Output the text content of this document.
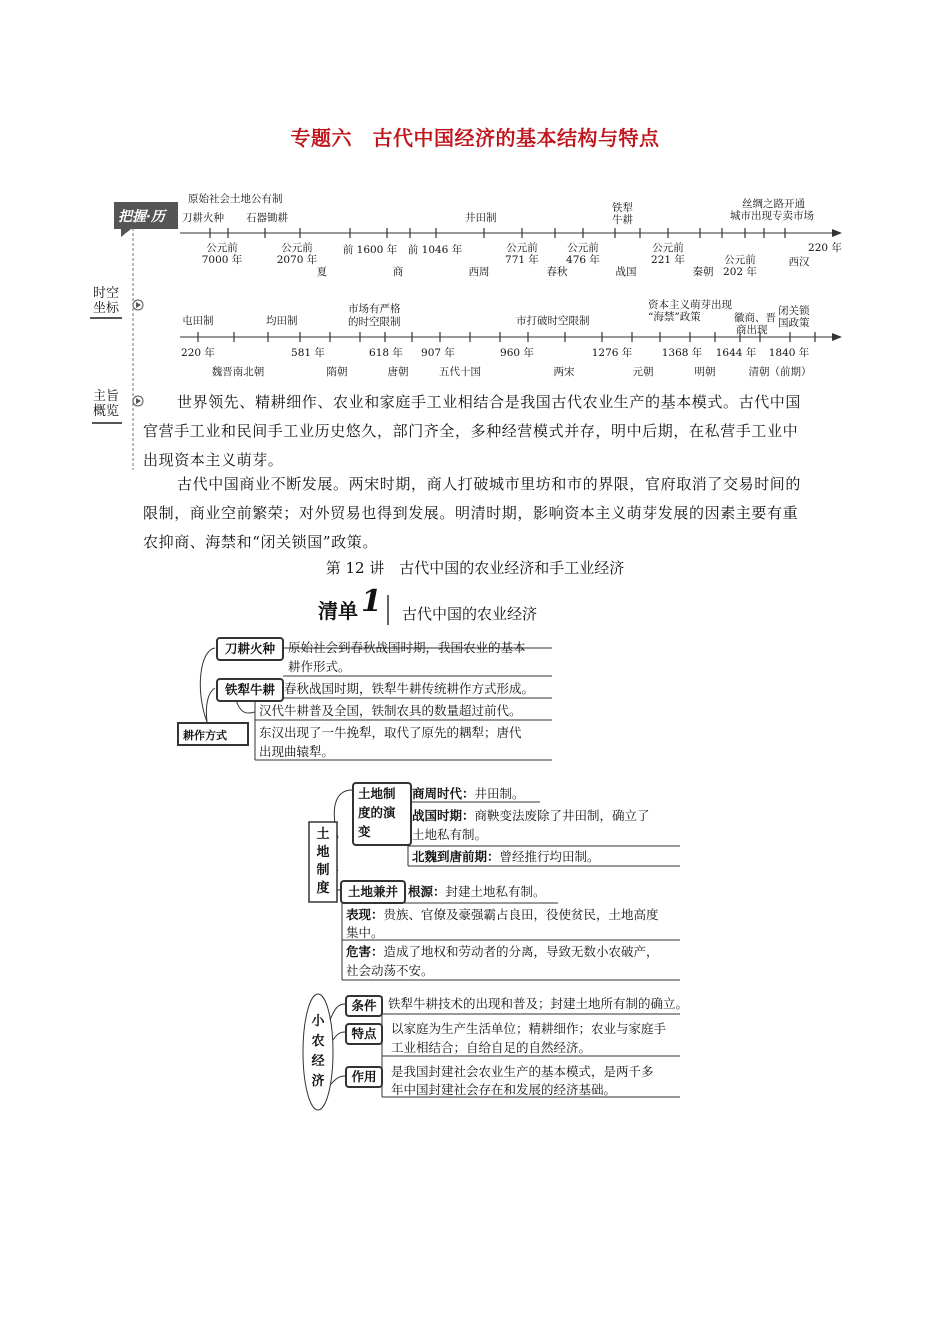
专题六　古代中国经济的基本结构与特点
把握·历
时空
坐标
主旨
概览
原始社会土地公有制
刀耕火种 石器锄耕	井田制
铁犁
牛耕
丝绸之路开通
城市出现专卖市场
公元前
7000 年
公元前
2070 年
前 1600 年 前 1046 年	公元前
771 年
公元前
476 年
公元前
221 年	公元前
202 年
220 年
夏	商	西周	春秋	战国	秦朝
西汉
屯田制	均田制
市场有严格
的时空限制	市打破时空限制
资本主义萌芽出现
“海禁”政策	徽商、晋
商出现
闭关锁
国政策
220 年	581 年	618 年 907 年	960 年	1276 年	1368 年 1644 年 1840 年
魏晋南北朝	隋朝	唐朝	五代十国	两宋	元朝	明朝	清朝（前期）
世界领先、精耕细作、农业和家庭手工业相结合是我国古代农业生产的基本模式。古代中国官营手工业和民间手工业历史悠久，部门齐全，多种经营模式并存，明中后期，在私营手工业中出现资本主义萌芽。
古代中国商业不断发展。两宋时期，商人打破城市里坊和市的界限，官府取消了交易时间的限制，商业空前繁荣；对外贸易也得到发展。明清时期，影响资本主义萌芽发展的因素主要有重农抑商、海禁和“闭关锁国”政策。
第 12 讲　古代中国的农业经济和手工业经济
清单 1 古代中国的农业经济
耕作方式
刀耕火种	原始社会到春秋战国时期，我国农业的基本
耕作形式。
铁犁牛耕 春秋战国时期，铁犁牛耕传统耕作方式形成。
汉代牛耕普及全国，铁制农具的数量超过前代。
东汉出现了一牛挽犁，取代了原先的耦犁；唐代
出现曲辕犁。
土
地
制
度
土地制
度的演
变
商周时代：井田制。
战国时期：商鞅变法废除了井田制，确立了
土地私有制。
北魏到唐前期：曾经推行均田制。
土地兼并 根源：封建土地私有制。
表现：贵族、官僚及豪强霸占良田，役使贫民，土地高度
集中。
危害：造成了地权和劳动者的分离，导致无数小农破产，
社会动荡不安。
小
农
经
济
条件 铁犁牛耕技术的出现和普及；封建土地所有制的确立。
特点	以家庭为生产生活单位；精耕细作；农业与家庭手
工业相结合；自给自足的自然经济。
作用	是我国封建社会农业生产的基本模式，是两千多
年中国封建社会存在和发展的经济基础。
